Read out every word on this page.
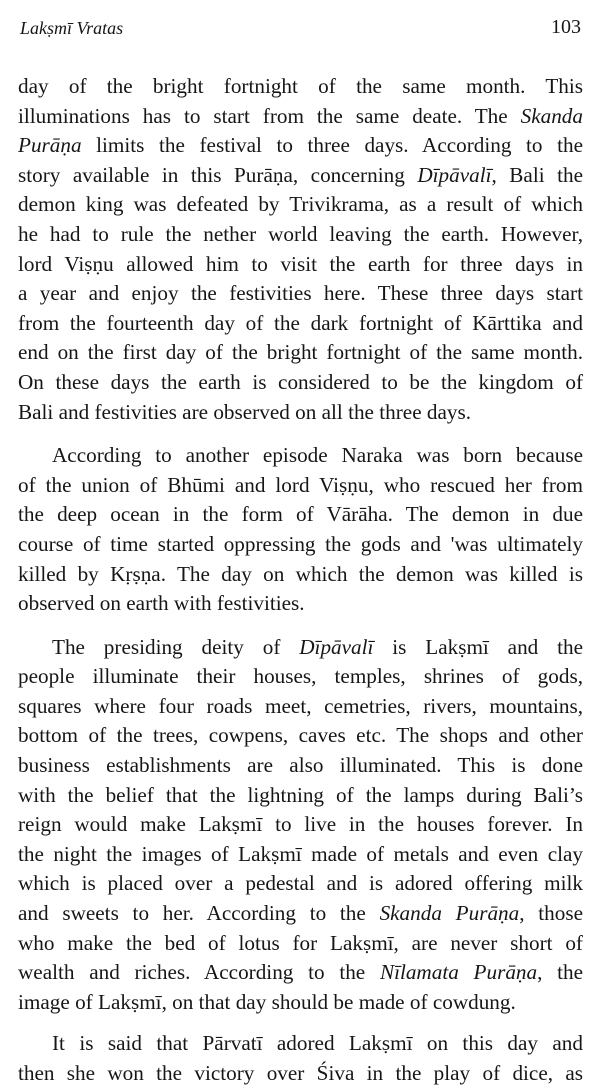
Lakṣmī Vratas	103
day of the bright fortnight of the same month. This
illuminations has to start from the same deate. The Skanda
Purāṇa limits the festival to three days. According to the
story available in this Purāṇa, concerning Dīpāvalī, Bali the
demon king was defeated by Trivikrama, as a result of which
he had to rule the nether world leaving the earth. However,
lord Viṣṇu allowed him to visit the earth for three days in
a year and enjoy the festivities here. These three days start
from the fourteenth day of the dark fortnight of Kārttika and
end on the first day of the bright fortnight of the same month.
On these days the earth is considered to be the kingdom of
Bali and festivities are observed on all the three days.
According to another episode Naraka was born because
of the union of Bhūmi and lord Viṣṇu, who rescued her from
the deep ocean in the form of Vārāha. The demon in due
course of time started oppressing the gods and 'was ultimately
killed by Kṛṣṇa. The day on which the demon was killed is
observed on earth with festivities.
The presiding deity of Dīpāvalī is Lakṣmī and the
people illuminate their houses, temples, shrines of gods,
squares where four roads meet, cemetries, rivers, mountains,
bottom of the trees, cowpens, caves etc. The shops and other
business establishments are also illuminated. This is done
with the belief that the lightning of the lamps during Bali’s
reign would make Lakṣmī to live in the houses forever. In
the night the images of Lakṣmī made of metals and even clay
which is placed over a pedestal and is adored offering milk
and sweets to her. According to the Skanda Purāṇa, those
who make the bed of lotus for Lakṣmī, are never short of
wealth and riches. According to the Nīlamata Purāṇa, the
image of Lakṣmī, on that day should be made of cowdung.
It is said that Pārvatī adored Lakṣmī on this day and
then she won the victory over Śiva in the play of dice, as
